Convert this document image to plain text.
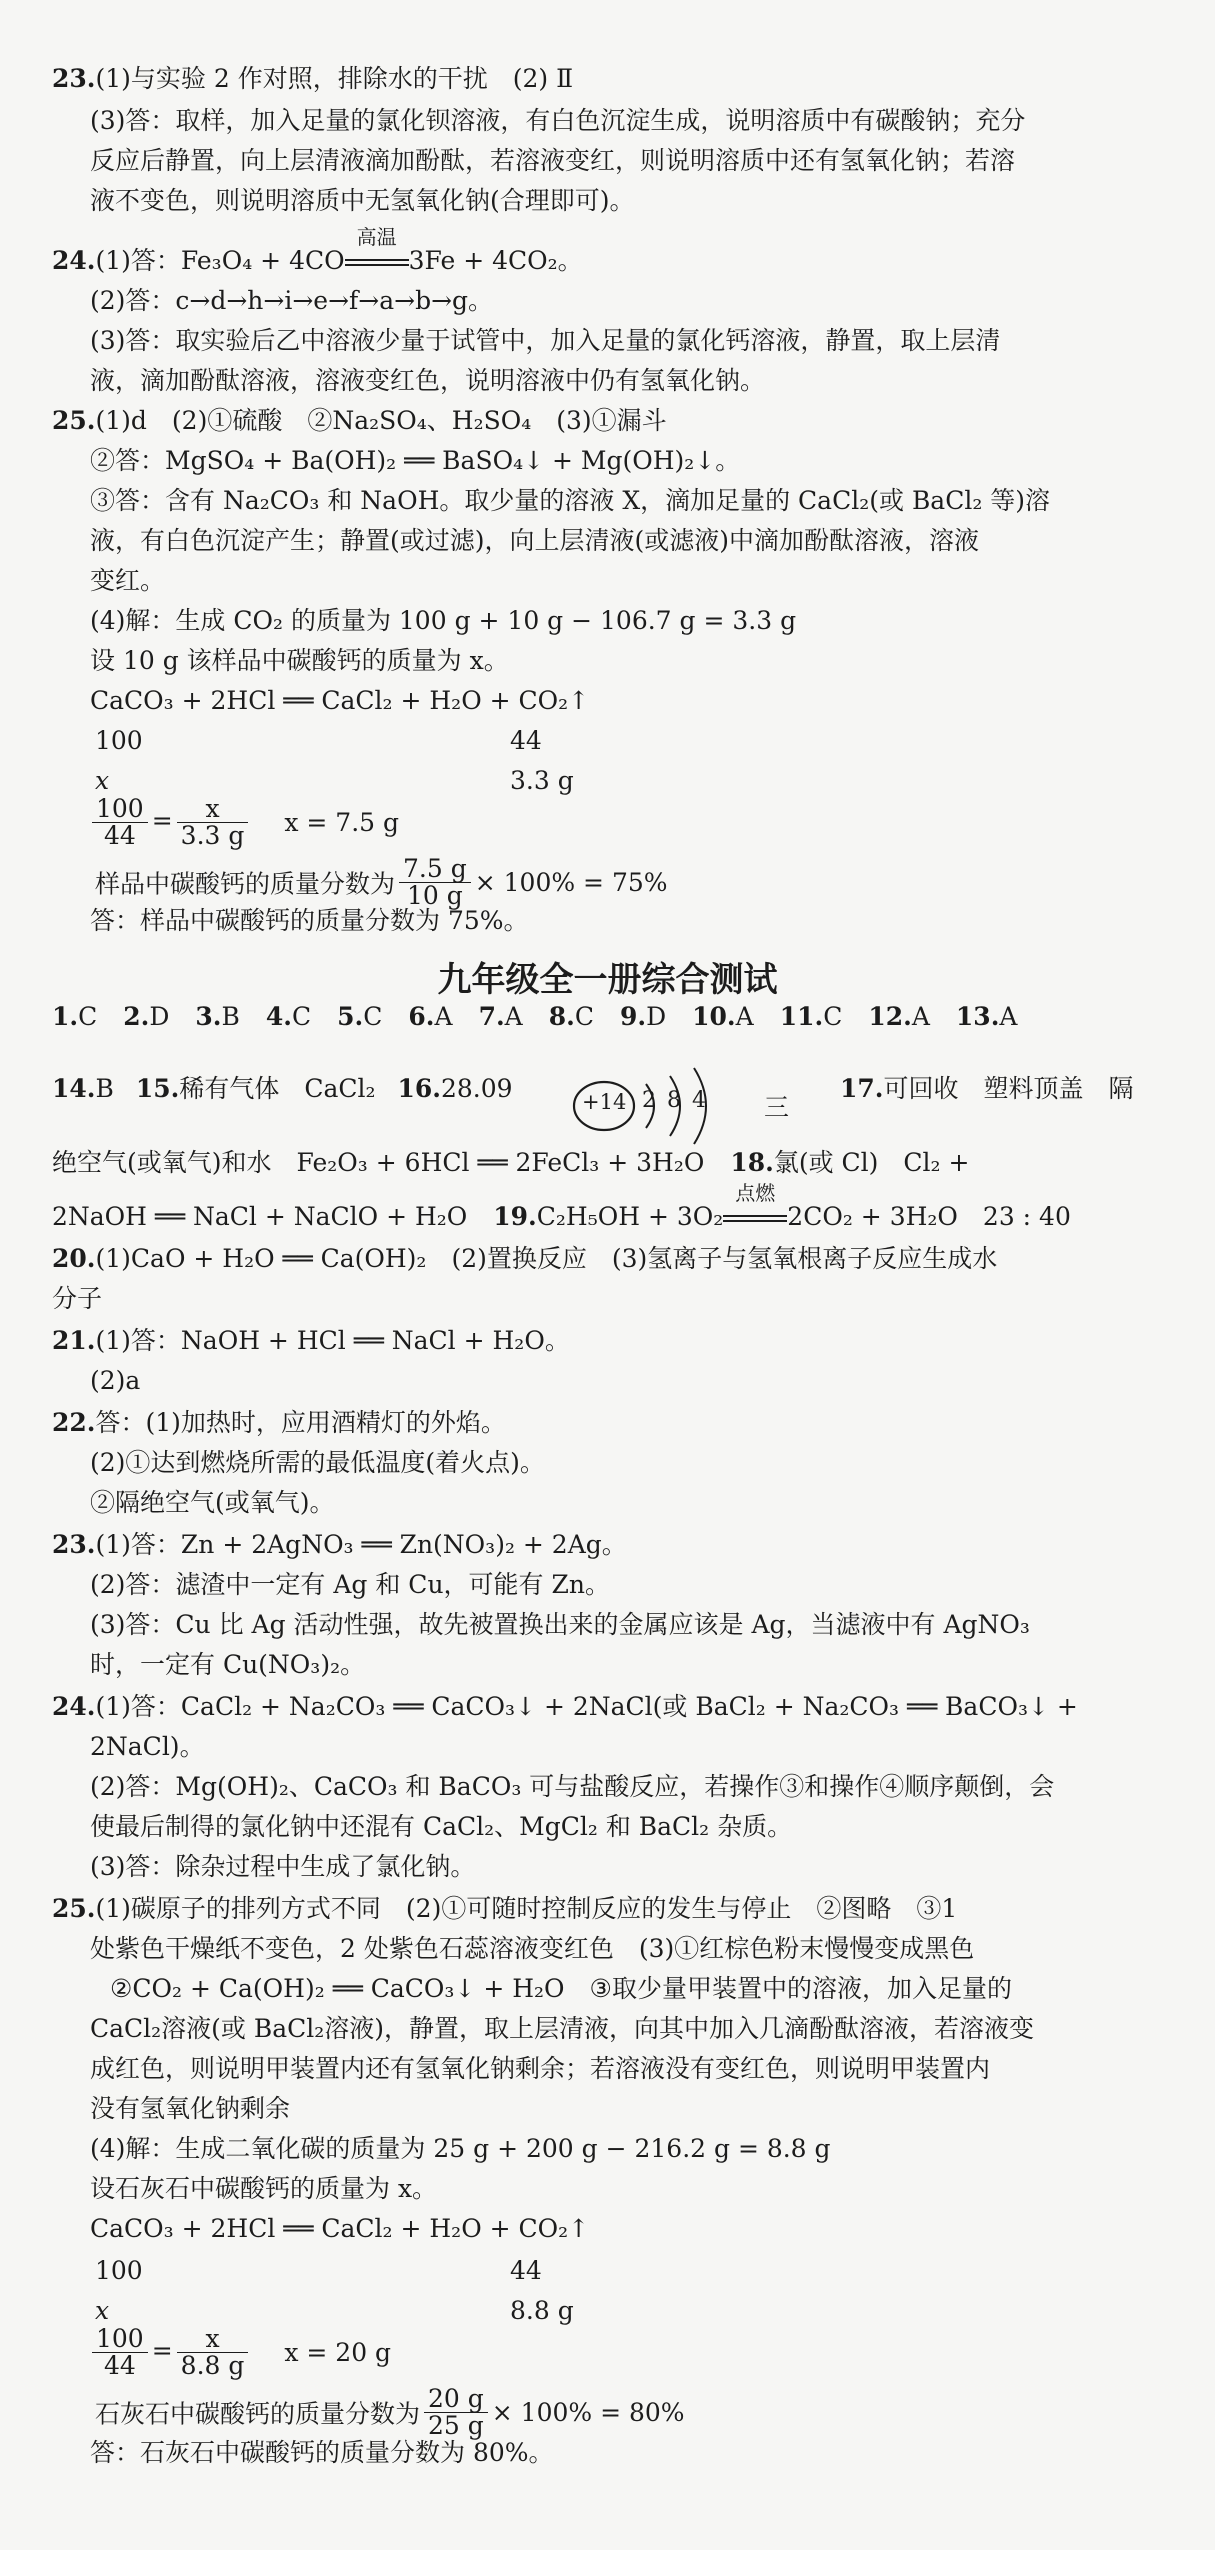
23.(1)与实验 2 作对照，排除水的干扰　(2) Ⅱ
(3)答：取样，加入足量的氯化钡溶液，有白色沉淀生成，说明溶质中有碳酸钠；充分
反应后静置，向上层清液滴加酚酞，若溶液变红，则说明溶质中还有氢氧化钠；若溶
液不变色，则说明溶质中无氢氧化钠(合理即可)。
24.(1)答：Fe₃O₄ + 4CO
高温
3Fe + 4CO₂。
(2)答：c→d→h→i→e→f→a→b→g。
(3)答：取实验后乙中溶液少量于试管中，加入足量的氯化钙溶液，静置，取上层清
液，滴加酚酞溶液，溶液变红色，说明溶液中仍有氢氧化钠。
25.(1)d　(2)①硫酸　②Na₂SO₄、H₂SO₄　(3)①漏斗
②答：MgSO₄ + Ba(OH)₂ ══ BaSO₄↓ + Mg(OH)₂↓。
③答：含有 Na₂CO₃ 和 NaOH。取少量的溶液 X，滴加足量的 CaCl₂(或 BaCl₂ 等)溶
液，有白色沉淀产生；静置(或过滤)，向上层清液(或滤液)中滴加酚酞溶液，溶液
变红。
(4)解：生成 CO₂ 的质量为 100 g + 10 g − 106.7 g = 3.3 g
设 10 g 该样品中碳酸钙的质量为 x。
CaCO₃ + 2HCl ══ CaCl₂ + H₂O + CO₂↑
100	44
x	3.3 g
$\frac{100}{44} = \frac{x}{3.3 g}$ x = 7.5 g
样品中碳酸钙的质量分数为 $\frac{7.5 g}{10 g} \times 100\% = 75\%$
答：样品中碳酸钙的质量分数为 75%。
九年级全一册综合测试
1.C 2.D 3.B 4.C 5.C 6.A 7.A 8.C 9.D 10.A 11.C 12.A 13.A
14.B 15.稀有气体　CaCl₂ 16.28.09	+14 2 8 4 三
17.可回收　塑料顶盖　隔
绝空气(或氧气)和水　Fe₂O₃ + 6HCl ══ 2FeCl₃ + 3H₂O 18.氯(或 Cl)　Cl₂ +
2NaOH ══ NaCl + NaClO + H₂O 19.C₂H₅OH + 3O₂
点燃
2CO₂ + 3H₂O　23 : 40
20.(1)CaO + H₂O ══ Ca(OH)₂　(2)置换反应　(3)氢离子与氢氧根离子反应生成水
分子
21.(1)答：NaOH + HCl ══ NaCl + H₂O。
(2)a
22.答：(1)加热时，应用酒精灯的外焰。
(2)①达到燃烧所需的最低温度(着火点)。
②隔绝空气(或氧气)。
23.(1)答：Zn + 2AgNO₃ ══ Zn(NO₃)₂ + 2Ag。
(2)答：滤渣中一定有 Ag 和 Cu，可能有 Zn。
(3)答：Cu 比 Ag 活动性强，故先被置换出来的金属应该是 Ag，当滤液中有 AgNO₃
时，一定有 Cu(NO₃)₂。
24.(1)答：CaCl₂ + Na₂CO₃ ══ CaCO₃↓ + 2NaCl(或 BaCl₂ + Na₂CO₃ ══ BaCO₃↓ +
2NaCl)。
(2)答：Mg(OH)₂、CaCO₃ 和 BaCO₃ 可与盐酸反应，若操作③和操作④顺序颠倒，会
使最后制得的氯化钠中还混有 CaCl₂、MgCl₂ 和 BaCl₂ 杂质。
(3)答：除杂过程中生成了氯化钠。
25.(1)碳原子的排列方式不同　(2)①可随时控制反应的发生与停止　②图略　③1
处紫色干燥纸不变色，2 处紫色石蕊溶液变红色　(3)①红棕色粉末慢慢变成黑色
②CO₂ + Ca(OH)₂ ══ CaCO₃↓ + H₂O　③取少量甲装置中的溶液，加入足量的
CaCl₂溶液(或 BaCl₂溶液)，静置，取上层清液，向其中加入几滴酚酞溶液，若溶液变
成红色，则说明甲装置内还有氢氧化钠剩余；若溶液没有变红色，则说明甲装置内
没有氢氧化钠剩余
(4)解：生成二氧化碳的质量为 25 g + 200 g − 216.2 g = 8.8 g
设石灰石中碳酸钙的质量为 x。
CaCO₃ + 2HCl ══ CaCl₂ + H₂O + CO₂↑
100	44
x	8.8 g
$\frac{100}{44} = \frac{x}{8.8 g}$ x = 20 g
石灰石中碳酸钙的质量分数为 $\frac{20 g}{25 g} \times 100\% = 80\%$
答：石灰石中碳酸钙的质量分数为 80%。
